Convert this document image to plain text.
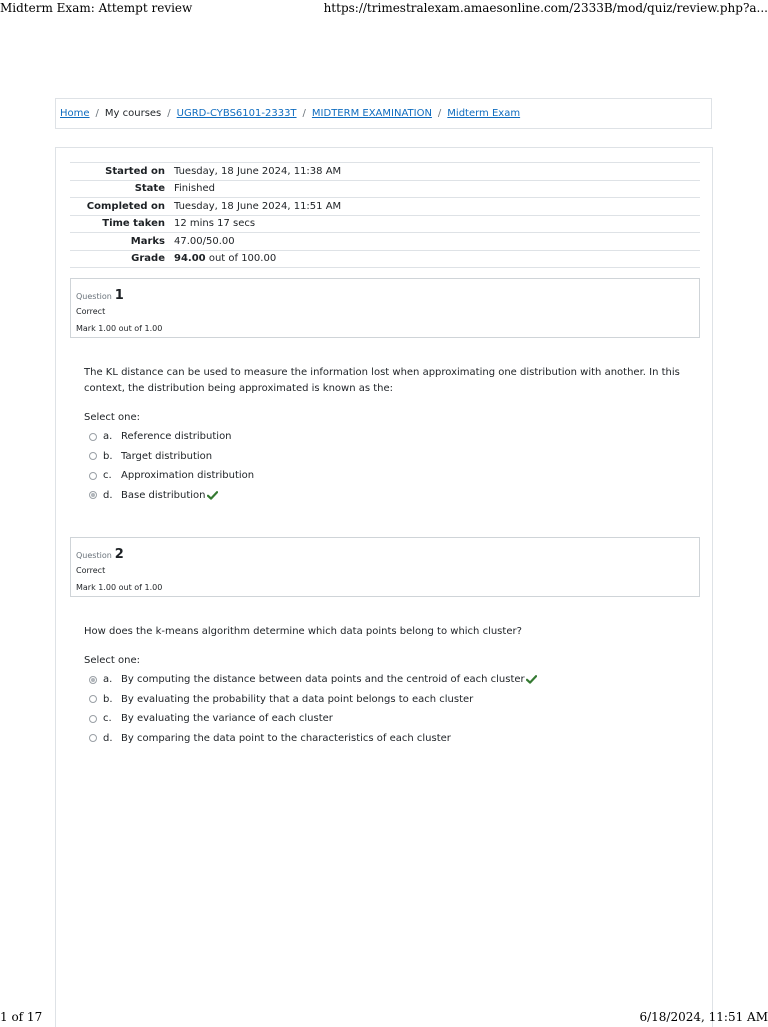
Midterm Exam: Attempt review	https://trimestralexam.amaesonline.com/2333B/mod/quiz/review.php?a...
Home / My courses / UGRD-CYBS6101-2333T / MIDTERM EXAMINATION / Midterm Exam
Started on	Tuesday, 18 June 2024, 11:38 AM
State	Finished
Completed on	Tuesday, 18 June 2024, 11:51 AM
Time taken	12 mins 17 secs
Marks	47.00/50.00
Grade	94.00 out of 100.00
Question 1
Correct
Mark 1.00 out of 1.00
The KL distance can be used to measure the information lost when approximating one distribution with another. In this context, the distribution being approximated is known as the:
Select one:
a. Reference distribution
b. Target distribution
c. Approximation distribution
d. Base distribution
Question 2
Correct
Mark 1.00 out of 1.00
How does the k-means algorithm determine which data points belong to which cluster?
Select one:
a. By computing the distance between data points and the centroid of each cluster
b. By evaluating the probability that a data point belongs to each cluster
c. By evaluating the variance of each cluster
d. By comparing the data point to the characteristics of each cluster
1 of 17	6/18/2024, 11:51 AM
